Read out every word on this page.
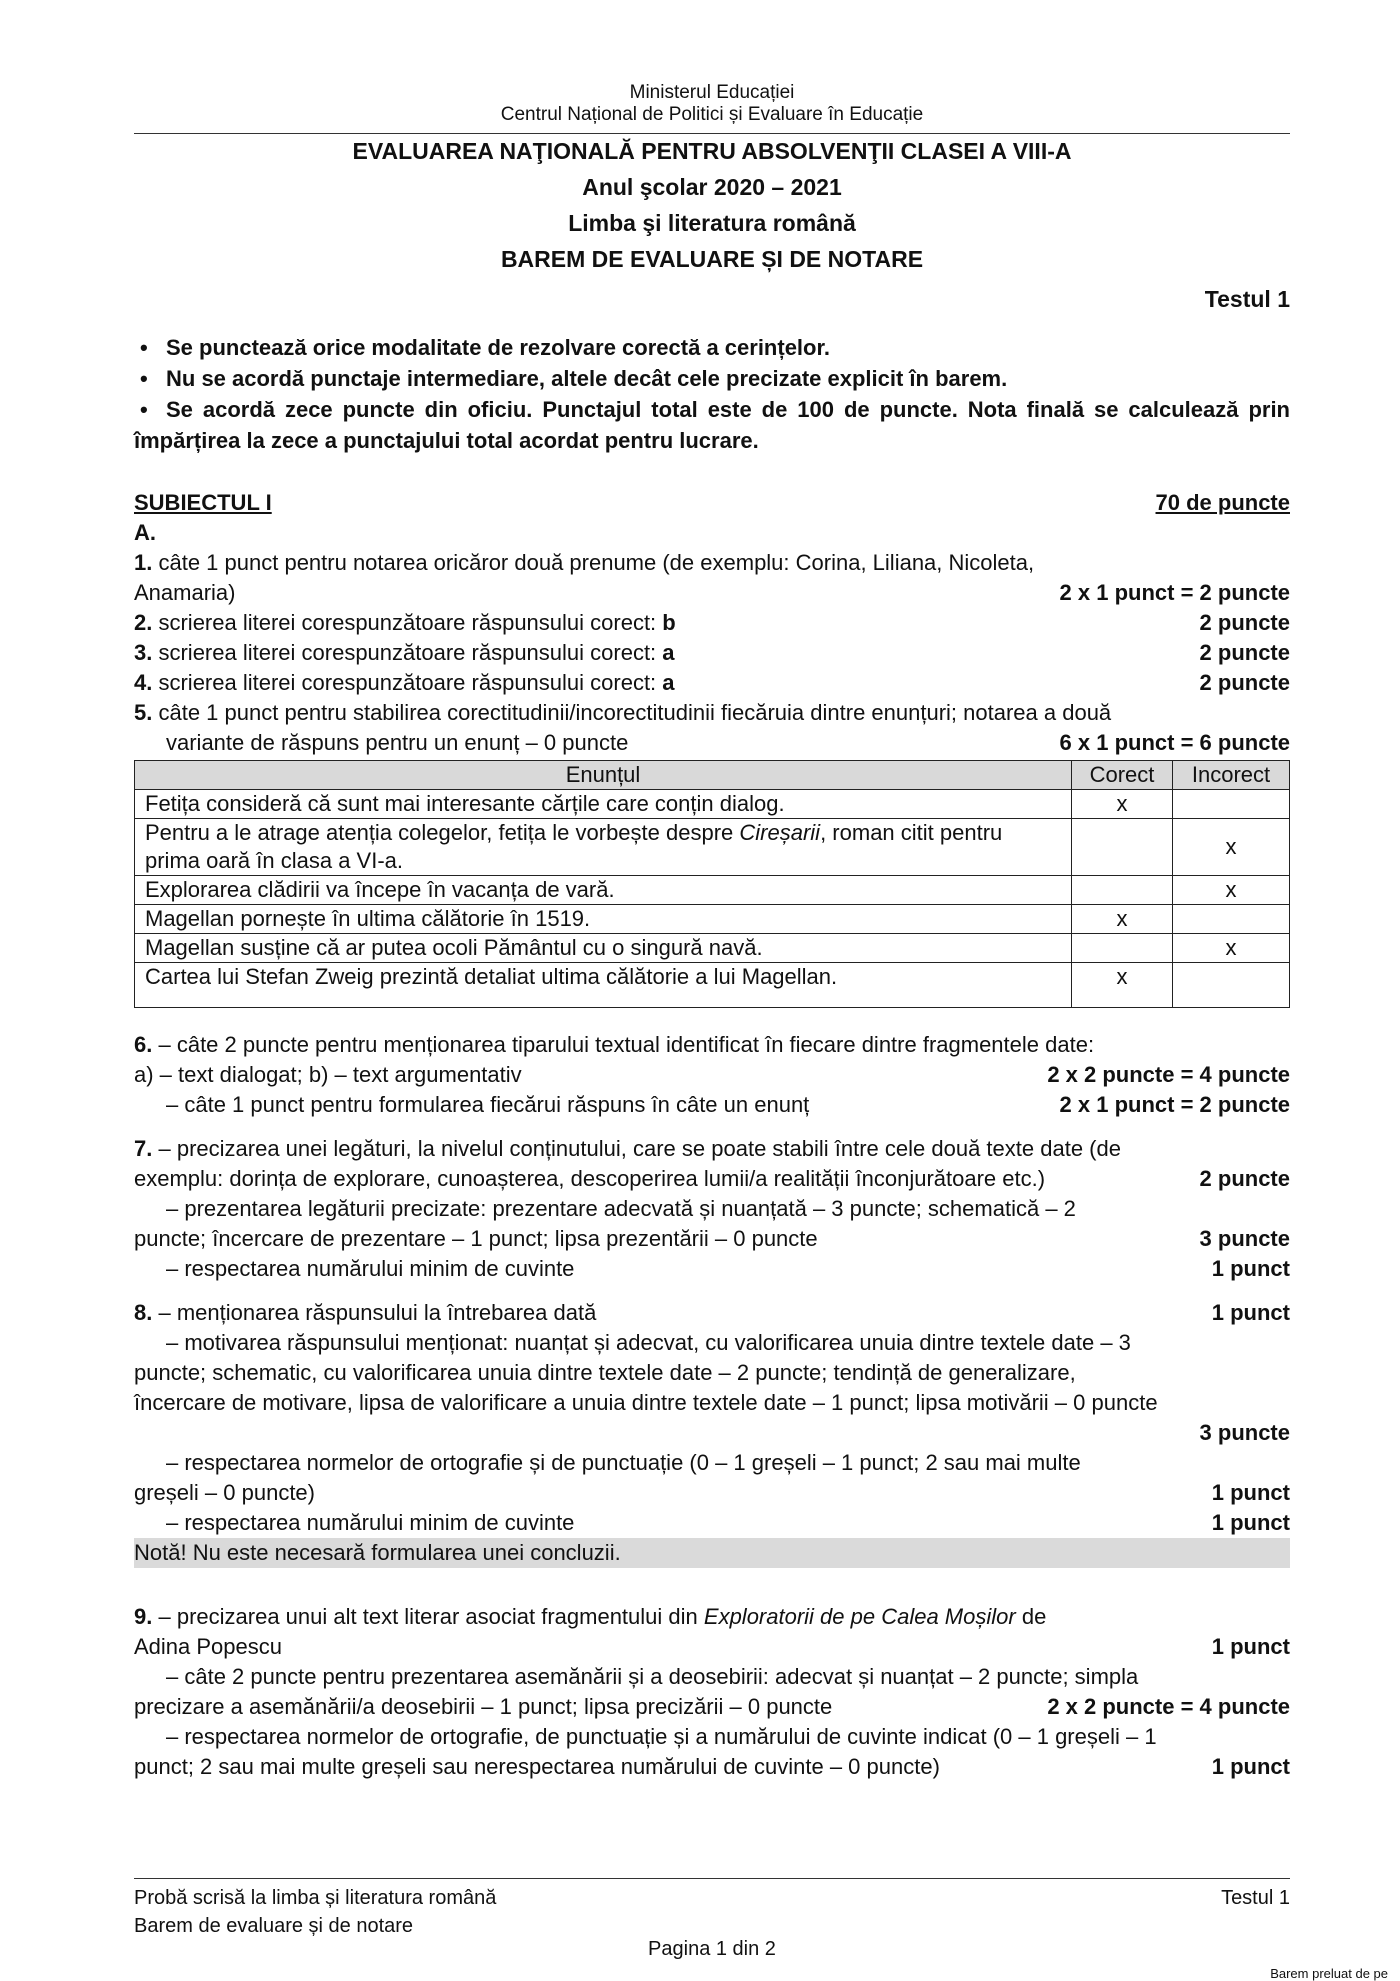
Ministerul Educației
Centrul Național de Politici și Evaluare în Educație
EVALUAREA NAŢIONALĂ PENTRU ABSOLVENŢII CLASEI A VIII-A
Anul şcolar 2020 – 2021
Limba şi literatura română
BAREM DE EVALUARE ȘI DE NOTARE
Testul 1
• Se punctează orice modalitate de rezolvare corectă a cerințelor.
• Nu se acordă punctaje intermediare, altele decât cele precizate explicit în barem.
• Se acordă zece puncte din oficiu. Punctajul total este de 100 de puncte. Nota finală se calculează prin împărțirea la zece a punctajului total acordat pentru lucrare.
SUBIECTUL I	70 de puncte
A.
1. câte 1 punct pentru notarea oricăror două prenume (de exemplu: Corina, Liliana, Nicoleta,
Anamaria)	2 x 1 punct = 2 puncte
2. scrierea literei corespunzătoare răspunsului corect: b	2 puncte
3. scrierea literei corespunzătoare răspunsului corect: a	2 puncte
4. scrierea literei corespunzătoare răspunsului corect: a	2 puncte
5. câte 1 punct pentru stabilirea corectitudinii/incorectitudinii fiecăruia dintre enunțuri; notarea a două
variante de răspuns pentru un enunț – 0 puncte	6 x 1 punct = 6 puncte
Enunțul	Corect	Incorect
Fetița consideră că sunt mai interesante cărțile care conțin dialog.	x	
Pentru a le atrage atenția colegelor, fetița le vorbește despre Cireșarii, roman citit pentru prima oară în clasa a VI-a.		x
Explorarea clădirii va începe în vacanța de vară.		x
Magellan pornește în ultima călătorie în 1519.	x	
Magellan susține că ar putea ocoli Pământul cu o singură navă.		x
Cartea lui Stefan Zweig prezintă detaliat ultima călătorie a lui Magellan.	x	
6. – câte 2 puncte pentru menționarea tiparului textual identificat în fiecare dintre fragmentele date:
a) – text dialogat; b) – text argumentativ	2 x 2 puncte = 4 puncte
– câte 1 punct pentru formularea fiecărui răspuns în câte un enunț	2 x 1 punct = 2 puncte
7. – precizarea unei legături, la nivelul conținutului, care se poate stabili între cele două texte date (de
exemplu: dorința de explorare, cunoașterea, descoperirea lumii/a realității înconjurătoare etc.)	2 puncte
– prezentarea legăturii precizate: prezentare adecvată și nuanțată – 3 puncte; schematică – 2
puncte; încercare de prezentare – 1 punct; lipsa prezentării – 0 puncte	3 puncte
– respectarea numărului minim de cuvinte	1 punct
8. – menționarea răspunsului la întrebarea dată	1 punct
– motivarea răspunsului menționat: nuanțat și adecvat, cu valorificarea unuia dintre textele date – 3
puncte; schematic, cu valorificarea unuia dintre textele date – 2 puncte; tendință de generalizare,
încercare de motivare, lipsa de valorificare a unuia dintre textele date – 1 punct; lipsa motivării – 0 puncte
3 puncte
– respectarea normelor de ortografie și de punctuație (0 – 1 greșeli – 1 punct; 2 sau mai multe
greșeli – 0 puncte)	1 punct
– respectarea numărului minim de cuvinte	1 punct
Notă! Nu este necesară formularea unei concluzii.
9. – precizarea unui alt text literar asociat fragmentului din Exploratorii de pe Calea Moșilor de
Adina Popescu	1 punct
– câte 2 puncte pentru prezentarea asemănării și a deosebirii: adecvat și nuanțat – 2 puncte; simpla
precizare a asemănării/a deosebirii – 1 punct; lipsa precizării – 0 puncte	2 x 2 puncte = 4 puncte
– respectarea normelor de ortografie, de punctuație și a numărului de cuvinte indicat (0 – 1 greșeli – 1
punct; 2 sau mai multe greșeli sau nerespectarea numărului de cuvinte – 0 puncte)	1 punct
Probă scrisă la limba și literatura română	Testul 1
Barem de evaluare și de notare
Pagina 1 din 2
Barem preluat de pe
